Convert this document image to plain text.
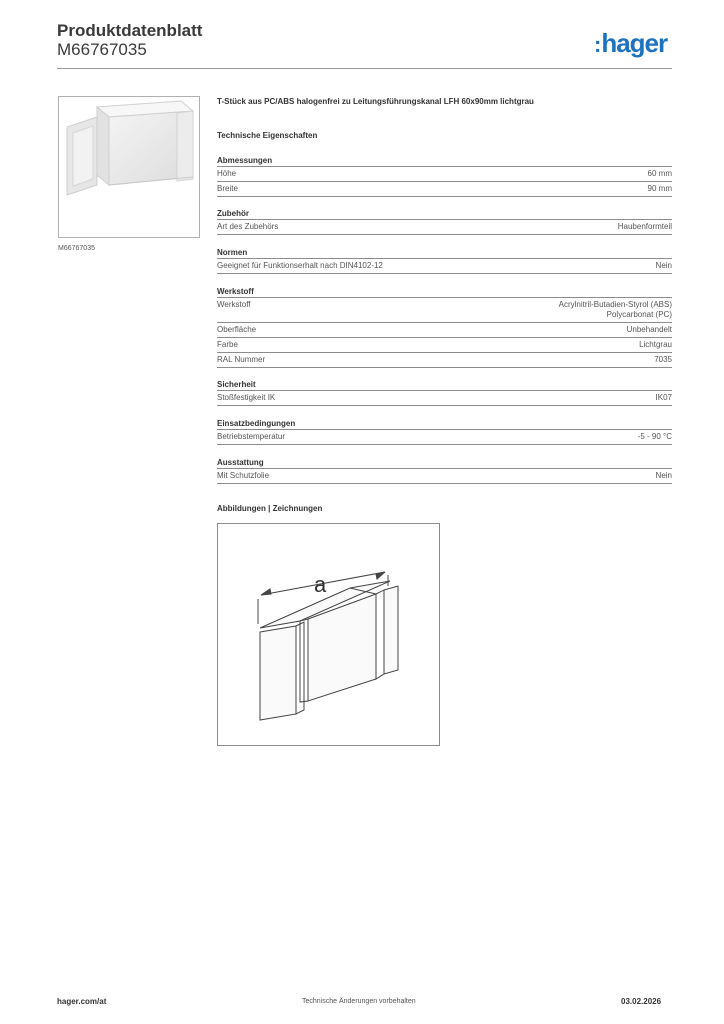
Produktdatenblatt
M66767035	:hager
M66767035
T-Stück aus PC/ABS halogenfrei zu Leitungsführungskanal LFH 60x90mm lichtgrau
Technische Eigenschaften
Abmessungen
Höhe	60 mm
Breite	90 mm
Zubehör
Art des Zubehörs	Haubenformteil
Normen
Geeignet für Funktionserhalt nach DIN4102-12	Nein
Werkstoff
Werkstoff	Acrylnitril-Butadien-Styrol (ABS)
Polycarbonat (PC)
Oberfläche	Unbehandelt
Farbe	Lichtgrau
RAL Nummer	7035
Sicherheit
Stoßfestigkeit IK	IK07
Einsatzbedingungen
Betriebstemperatur	-5 - 90 °C
Ausstattung
Mit Schutzfolie	Nein
Abbildungen | Zeichnungen
a
hager.com/at	Technische Änderungen vorbehalten	03.02.2026
